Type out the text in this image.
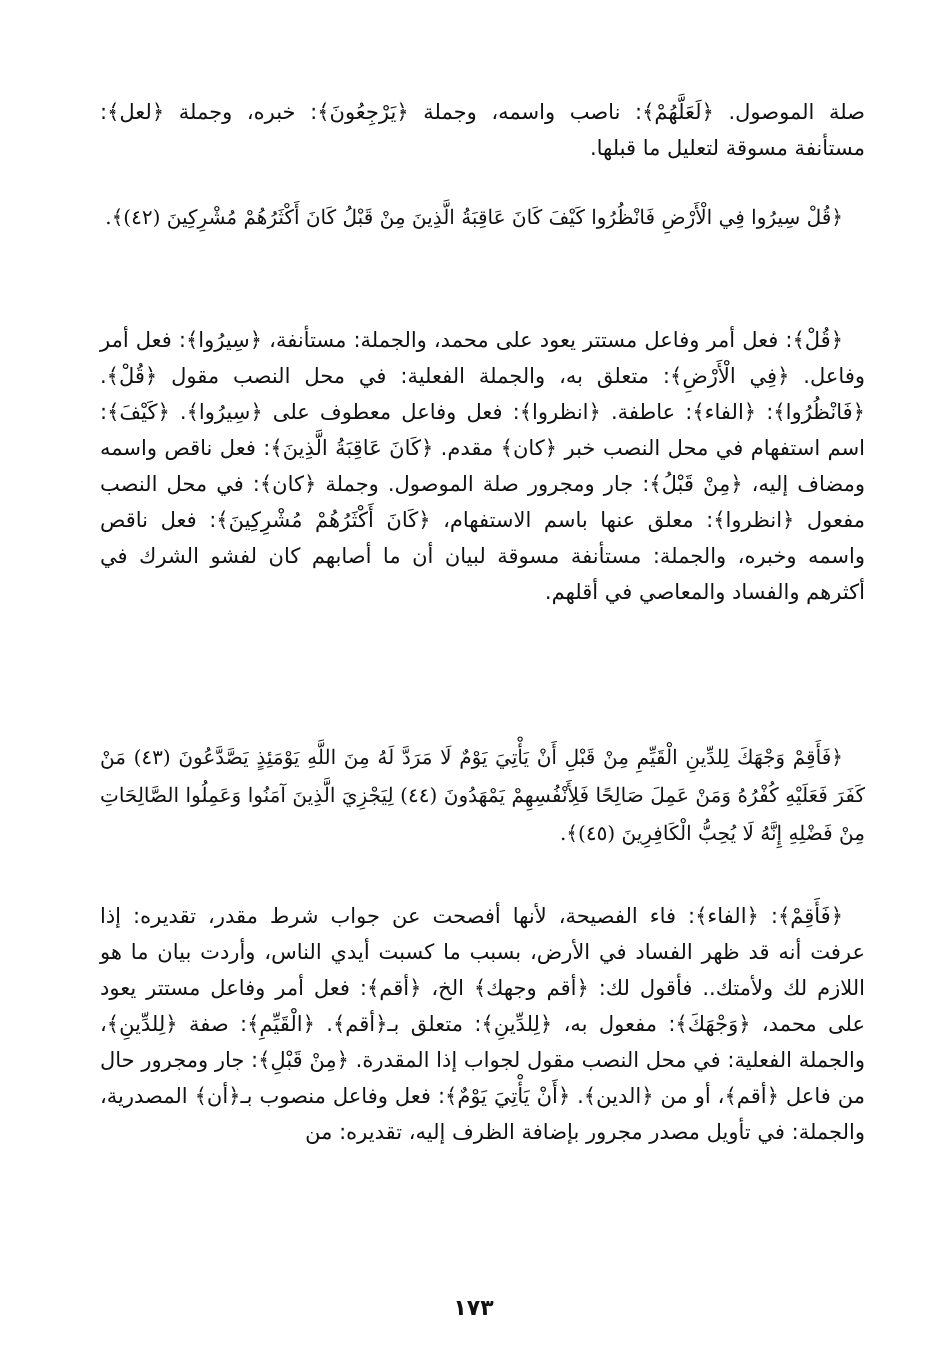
صلة الموصول. ﴿لَعَلَّهُمْ﴾: ناصب واسمه، وجملة ﴿يَرْجِعُونَ﴾: خبره، وجملة ﴿لعل﴾: مستأنفة مسوقة لتعليل ما قبلها.

﴿قُلْ سِيرُوا فِي الْأَرْضِ فَانْظُرُوا كَيْفَ كَانَ عَاقِبَةُ الَّذِينَ مِنْ قَبْلُ كَانَ أَكْثَرُهُمْ مُشْرِكِينَ (٤٢)﴾.

﴿قُلْ﴾: فعل أمر وفاعل مستتر يعود على محمد، والجملة: مستأنفة، ﴿سِيرُوا﴾: فعل أمر وفاعل. ﴿فِي الْأَرْضِ﴾: متعلق به، والجملة الفعلية: في محل النصب مقول ﴿قُلْ﴾. ﴿فَانْظُرُوا﴾: ﴿الفاء﴾: عاطفة. ﴿انظروا﴾: فعل وفاعل معطوف على ﴿سِيرُوا﴾. ﴿كَيْفَ﴾: اسم استفهام في محل النصب خبر ﴿كان﴾ مقدم. ﴿كَانَ عَاقِبَةُ الَّذِينَ﴾: فعل ناقص واسمه ومضاف إليه، ﴿مِنْ قَبْلُ﴾: جار ومجرور صلة الموصول. وجملة ﴿كان﴾: في محل النصب مفعول ﴿انظروا﴾: معلق عنها باسم الاستفهام، ﴿كَانَ أَكْثَرُهُمْ مُشْرِكِينَ﴾: فعل ناقص واسمه وخبره، والجملة: مستأنفة مسوقة لبيان أن ما أصابهم كان لفشو الشرك في أكثرهم والفساد والمعاصي في أقلهم.

﴿فَأَقِمْ وَجْهَكَ لِلدِّينِ الْقَيِّمِ مِنْ قَبْلِ أَنْ يَأْتِيَ يَوْمٌ لَا مَرَدَّ لَهُ مِنَ اللَّهِ يَوْمَئِذٍ يَصَّدَّعُونَ (٤٣) مَنْ كَفَرَ فَعَلَيْهِ كُفْرُهُ وَمَنْ عَمِلَ صَالِحًا فَلِأَنْفُسِهِمْ يَمْهَدُونَ (٤٤) لِيَجْزِيَ الَّذِينَ آمَنُوا وَعَمِلُوا الصَّالِحَاتِ مِنْ فَضْلِهِ إِنَّهُ لَا يُحِبُّ الْكَافِرِينَ (٤٥)﴾.

﴿فَأَقِمْ﴾: ﴿الفاء﴾: فاء الفصيحة، لأنها أفصحت عن جواب شرط مقدر، تقديره: إذا عرفت أنه قد ظهر الفساد في الأرض، بسبب ما كسبت أيدي الناس، وأردت بيان ما هو اللازم لك ولأمتك.. فأقول لك: ﴿أقم وجهك﴾ الخ، ﴿أقم﴾: فعل أمر وفاعل مستتر يعود على محمد، ﴿وَجْهَكَ﴾: مفعول به، ﴿لِلدِّينِ﴾: متعلق بـ﴿أقم﴾. ﴿الْقَيِّمِ﴾: صفة ﴿لِلدِّينِ﴾، والجملة الفعلية: في محل النصب مقول لجواب إذا المقدرة. ﴿مِنْ قَبْلِ﴾: جار ومجرور حال من فاعل ﴿أقم﴾، أو من ﴿الدين﴾. ﴿أَنْ يَأْتِيَ يَوْمٌ﴾: فعل وفاعل منصوب بـ﴿أن﴾ المصدرية، والجملة: في تأويل مصدر مجرور بإضافة الظرف إليه، تقديره: من

١٧٣
